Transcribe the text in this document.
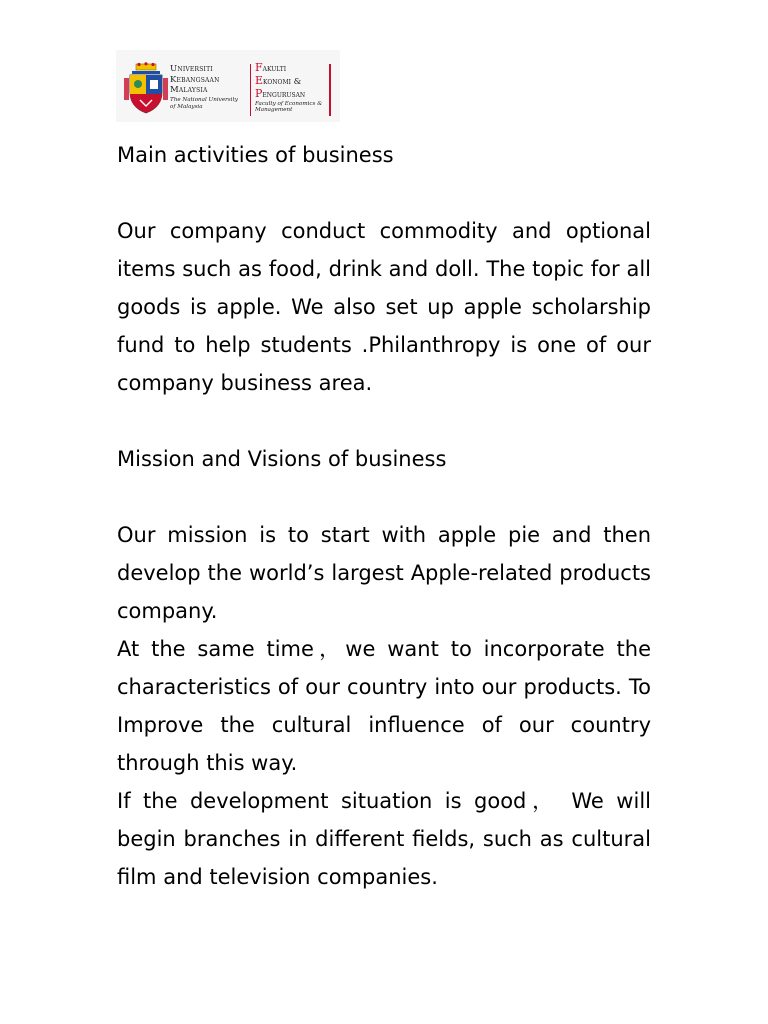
Universiti
Kebangsaan
Malaysia
The National University
of Malaysia
Fakulti
Ekonomi &
Pengurusan
Faculty of Economics &
Management

Main activities of business

Our company conduct commodity and optional items such as food, drink and doll. The topic for all goods is apple. We also set up apple scholarship fund to help students .Philanthropy is one of our company business area.

Mission and Visions of business

Our mission is to start with apple pie and then develop the world’s largest Apple-related products company.

At the same time，we want to incorporate the characteristics of our country into our products. To Improve the cultural influence of our country through this way.

If the development situation is good， We will begin branches in different fields, such as cultural film and television companies.
